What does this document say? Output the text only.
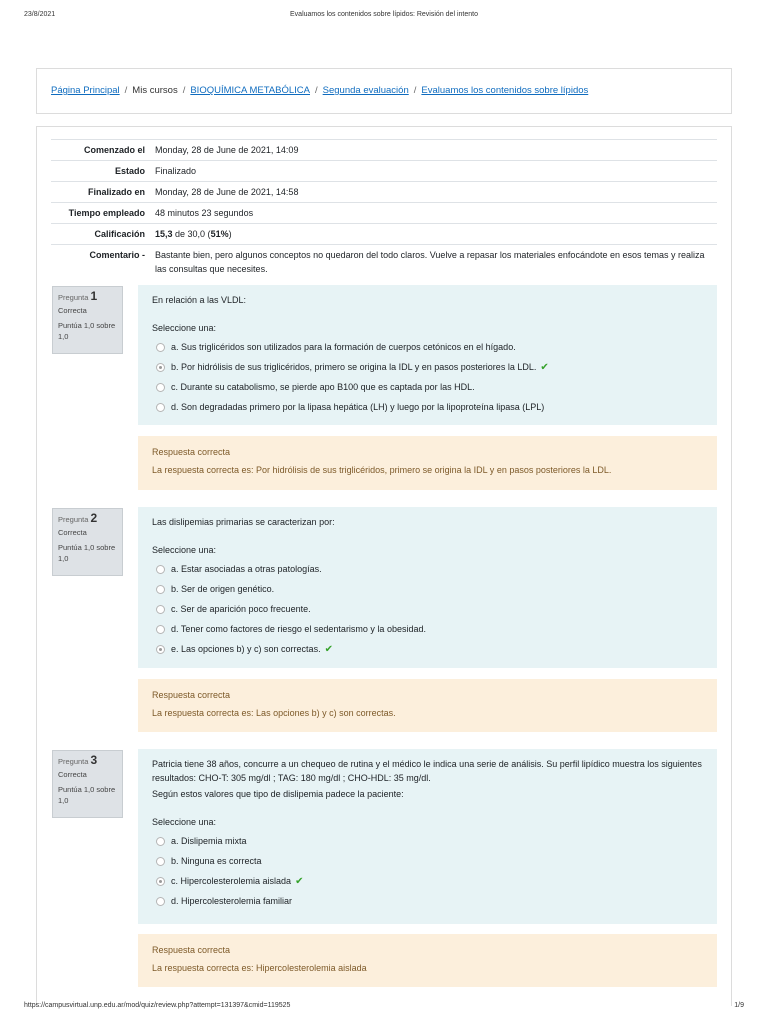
23/8/2021	Evaluamos los contenidos sobre lípidos: Revisión del intento
Página Principal / Mis cursos / BIOQUÍMICA METABÓLICA / Segunda evaluación / Evaluamos los contenidos sobre lípidos
Comenzado el	Monday, 28 de June de 2021, 14:09
Estado	Finalizado
Finalizado en	Monday, 28 de June de 2021, 14:58
Tiempo empleado	48 minutos 23 segundos
Calificación	15,3 de 30,0 (51%)
Comentario -	Bastante bien, pero algunos conceptos no quedaron del todo claros. Vuelve a repasar los materiales enfocándote en esos temas y realiza las consultas que necesites.
Pregunta 1
Correcta
Puntúa 1,0 sobre 1,0

En relación a las VLDL:

Seleccione una:

a. Sus triglicéridos son utilizados para la formación de cuerpos cetónicos en el hígado.
b. Por hidrólisis de sus triglicéridos, primero se origina la IDL y en pasos posteriores la LDL. ✔
c. Durante su catabolismo, se pierde apo B100 que es captada por las HDL.
d. Son degradadas primero por la lipasa hepática (LH) y luego por la lipoproteína lipasa (LPL)

Respuesta correcta

La respuesta correcta es: Por hidrólisis de sus triglicéridos, primero se origina la IDL y en pasos posteriores la LDL.

Pregunta 2
Correcta
Puntúa 1,0 sobre 1,0

Las dislipemias primarias se caracterizan por:

Seleccione una:

a. Estar asociadas a otras patologías.
b. Ser de origen genético.
c. Ser de aparición poco frecuente.
d. Tener como factores de riesgo el sedentarismo y la obesidad.
e. Las opciones b) y c) son correctas. ✔

Respuesta correcta

La respuesta correcta es: Las opciones b) y c) son correctas.

Pregunta 3
Correcta
Puntúa 1,0 sobre 1,0

Patricia tiene 38 años, concurre a un chequeo de rutina y el médico le indica una serie de análisis. Su perfil lipídico muestra los siguientes resultados: CHO-T: 305 mg/dl ; TAG: 180 mg/dl ; CHO-HDL: 35 mg/dl.

Según estos valores que tipo de dislipemia padece la paciente:

Seleccione una:

a. Dislipemia mixta
b. Ninguna es correcta
c. Hipercolesterolemia aislada ✔
d. Hipercolesterolemia familiar

Respuesta correcta

La respuesta correcta es: Hipercolesterolemia aislada

https://campusvirtual.unp.edu.ar/mod/quiz/review.php?attempt=131397&cmid=119525	1/9
